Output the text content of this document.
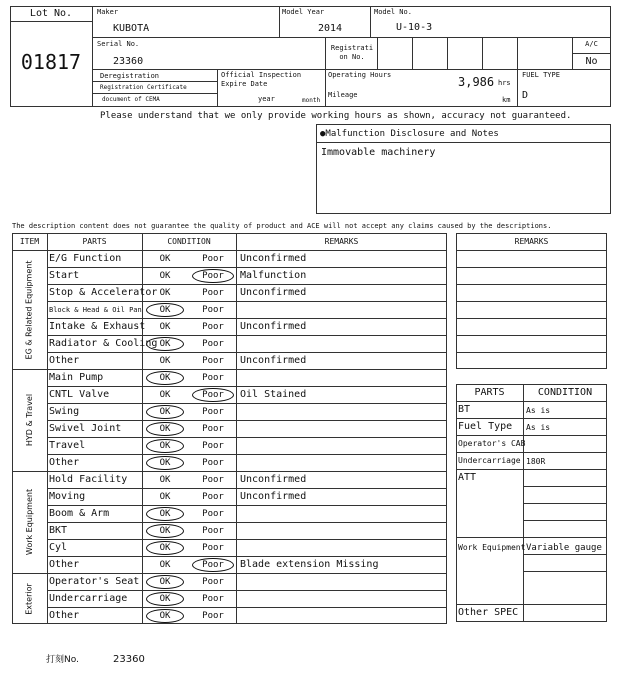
Lot No.
01817
Maker
KUBOTA
Model Year
2014
Model No.
U-10-3
Serial No.
23360
Registrati
on No.
A/C
No
Deregistration
Registration Certificate
document of CEMA
Official Inspection
Expire Date
year	month
Operating Hours	3,986 hrs
Mileage
km
FUEL TYPE
D
Please understand that we only provide working hours as shown, accuracy not guaranteed.
●Malfunction Disclosure and Notes
Immovable machinery
The description content does not guarantee the quality of product and ACE will not accept any claims caused by the descriptions.
ITEM	PARTS	CONDITION	REMARKS
EG & Related Equipment
E/G Function	OK	Poor	Unconfirmed
Start	OK	Poor	Malfunction
Stop & Accelerator OK	Poor	Unconfirmed
Block & Head & Oil Pan	OK	Poor
Intake & Exhaust	OK	Poor	Unconfirmed
Radiator & Cooling OK	Poor
Other	OK	Poor	Unconfirmed
HYD & Travel
Main Pump	OK	Poor
CNTL Valve	OK	Poor	Oil Stained
Swing	OK	Poor
Swivel Joint	OK	Poor
Travel	OK	Poor
Other	OK	Poor
Work Equipment
Hold Facility	OK	Poor	Unconfirmed
Moving	OK	Poor	Unconfirmed
Boom & Arm	OK	Poor
BKT	OK	Poor
Cyl	OK	Poor
Other	OK	Poor	Blade extension Missing
Exterior
Operator's Seat	OK	Poor
Undercarriage	OK	Poor
Other	OK	Poor
REMARKS
PARTS	CONDITION
BT	As is
Fuel Type As is
Operator's CAB
Undercarriage 180R
ATT
Work Equipment Variable gauge
Other SPEC
打刻No.	23360
